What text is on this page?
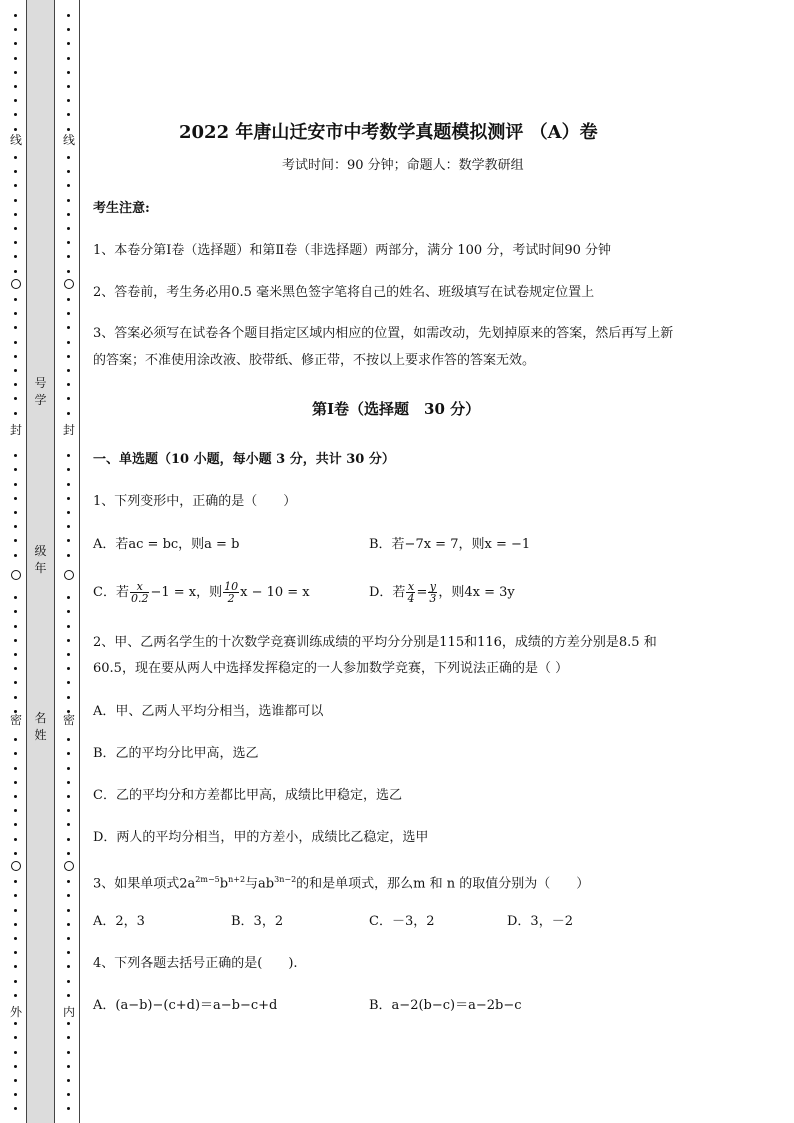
线
封
密
外
号
学
级
年
名
姓
线
封
密
内
2022 年唐山迁安市中考数学真题模拟测评 （A）卷
考试时间：90 分钟；命题人：数学教研组
考生注意:
1、本卷分第Ⅰ卷（选择题）和第Ⅱ卷（非选择题）两部分，满分 100 分，考试时间90 分钟
2、答卷前，考生务必用0.5 毫米黑色签字笔将自己的姓名、班级填写在试卷规定位置上
3、答案必须写在试卷各个题目指定区域内相应的位置，如需改动，先划掉原来的答案，然后再写上新
的答案；不准使用涂改液、胶带纸、修正带，不按以上要求作答的答案无效。
第Ⅰ卷（选择题　30 分）
一、单选题（10 小题，每小题 3 分，共计 30 分）
1、下列变形中，正确的是（　　）
A．若ac = bc，则a = b	B．若−7x = 7，则x = −1
C．若 $\frac{x}{0.2} -1 = x$，则 $\frac{10}{2}$ x − 10 = x	D．若 $\frac{x}{4} = \frac{y}{3}$ ，则4x = 3y
2、甲、乙两名学生的十次数学竞赛训练成绩的平均分分别是115和116，成绩的方差分别是8.5 和
60.5，现在要从两人中选择发挥稳定的一人参加数学竞赛，下列说法正确的是（ ）
A．甲、乙两人平均分相当，选谁都可以
B．乙的平均分比甲高，选乙
C．乙的平均分和方差都比甲高，成绩比甲稳定，选乙
D．两人的平均分相当，甲的方差小，成绩比乙稳定，选甲
3、如果单项式$2a^{2m-5}b^{n+2}$与$ab^{3n-2}$的和是单项式，那么m 和 n 的取值分别为（　　）
A．2，3	B．3，2	C．－3，2	D．3，－2
4、下列各题去括号正确的是(　　).
A．(a−b)−(c+d)＝a−b−c+d	B．a−2(b−c)＝a−2b−c
